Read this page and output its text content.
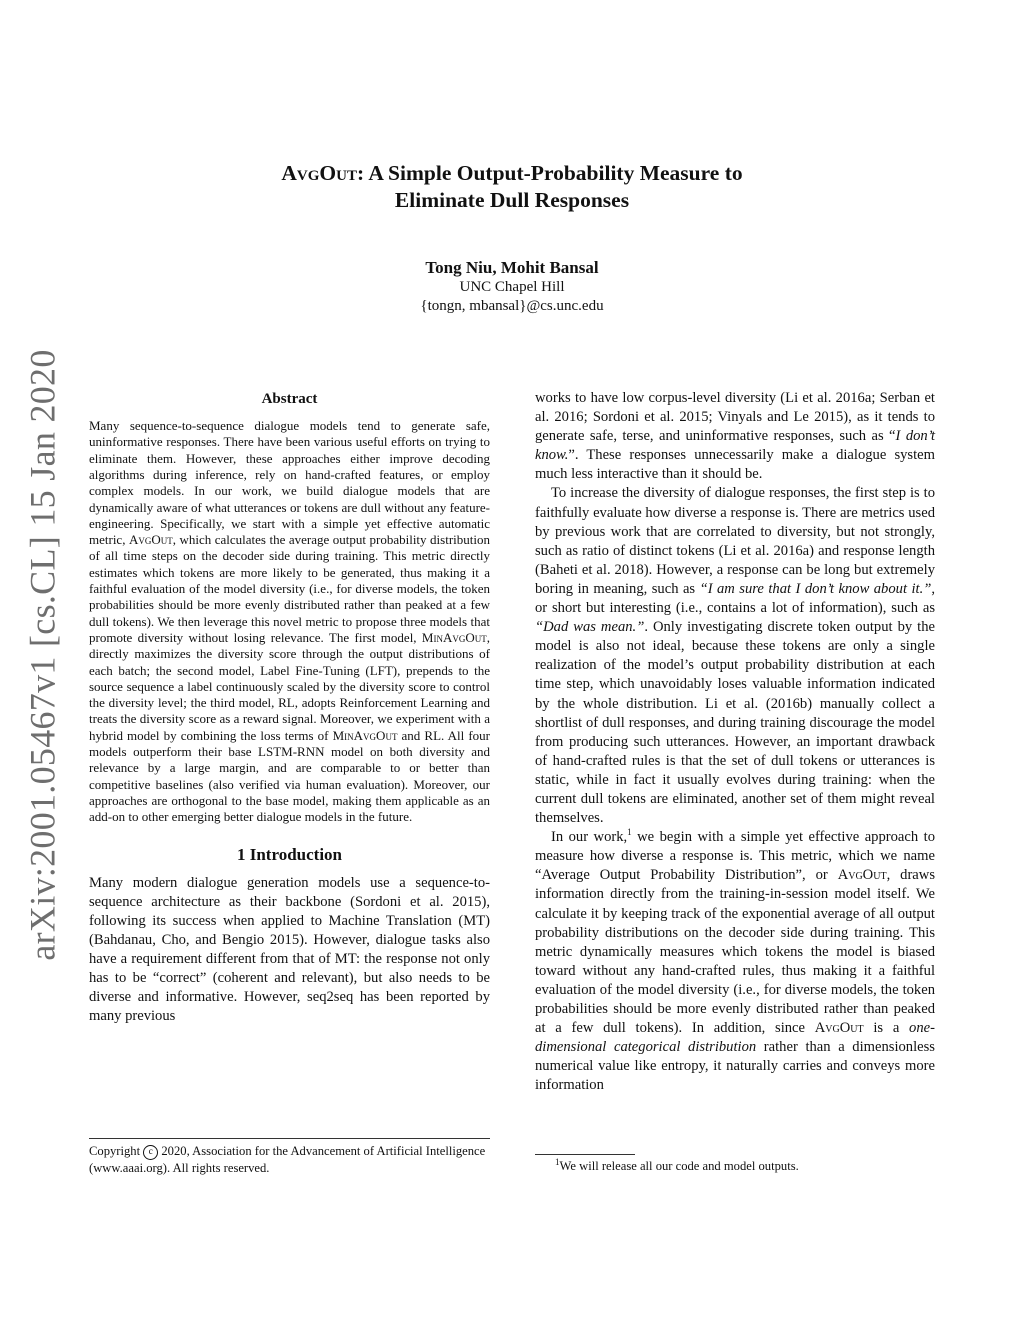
arXiv:2001.05467v1 [cs.CL] 15 Jan 2020
AvgOut: A Simple Output-Probability Measure to
Eliminate Dull Responses
Tong Niu, Mohit Bansal
UNC Chapel Hill
{tongn, mbansal}@cs.unc.edu
Abstract

Many sequence-to-sequence dialogue models tend to generate safe, uninformative responses. There have been various useful efforts on trying to eliminate them. However, these approaches either improve decoding algorithms during inference, rely on hand-crafted features, or employ complex models. In our work, we build dialogue models that are dynamically aware of what utterances or tokens are dull without any feature-engineering. Specifically, we start with a simple yet effective automatic metric, AvgOut, which calculates the average output probability distribution of all time steps on the decoder side during training. This metric directly estimates which tokens are more likely to be generated, thus making it a faithful evaluation of the model diversity (i.e., for diverse models, the token probabilities should be more evenly distributed rather than peaked at a few dull tokens). We then leverage this novel metric to propose three models that promote diversity without losing relevance. The first model, MinAvgOut, directly maximizes the diversity score through the output distributions of each batch; the second model, Label Fine-Tuning (LFT), prepends to the source sequence a label continuously scaled by the diversity score to control the diversity level; the third model, RL, adopts Reinforcement Learning and treats the diversity score as a reward signal. Moreover, we experiment with a hybrid model by combining the loss terms of MinAvgOut and RL. All four models outperform their base LSTM-RNN model on both diversity and relevance by a large margin, and are comparable to or better than competitive baselines (also verified via human evaluation). Moreover, our approaches are orthogonal to the base model, making them applicable as an add-on to other emerging better dialogue models in the future.

1 Introduction

Many modern dialogue generation models use a sequence-to-sequence architecture as their backbone (Sordoni et al. 2015), following its success when applied to Machine Translation (MT) (Bahdanau, Cho, and Bengio 2015). However, dialogue tasks also have a requirement different from that of MT: the response not only has to be “correct” (coherent and relevant), but also needs to be diverse and informative. However, seq2seq has been reported by many previous

Copyright c 2020, Association for the Advancement of Artificial Intelligence (www.aaai.org). All rights reserved.

works to have low corpus-level diversity (Li et al. 2016a; Serban et al. 2016; Sordoni et al. 2015; Vinyals and Le 2015), as it tends to generate safe, terse, and uninformative responses, such as “I don’t know.”. These responses unnecessarily make a dialogue system much less interactive than it should be.

To increase the diversity of dialogue responses, the first step is to faithfully evaluate how diverse a response is. There are metrics used by previous work that are correlated to diversity, but not strongly, such as ratio of distinct tokens (Li et al. 2016a) and response length (Baheti et al. 2018). However, a response can be long but extremely boring in meaning, such as “I am sure that I don’t know about it.”, or short but interesting (i.e., contains a lot of information), such as “Dad was mean.”. Only investigating discrete token output by the model is also not ideal, because these tokens are only a single realization of the model’s output probability distribution at each time step, which unavoidably loses valuable information indicated by the whole distribution. Li et al. (2016b) manually collect a shortlist of dull responses, and during training discourage the model from producing such utterances. However, an important drawback of hand-crafted rules is that the set of dull tokens or utterances is static, while in fact it usually evolves during training: when the current dull tokens are eliminated, another set of them might reveal themselves.

In our work,$^1$ we begin with a simple yet effective approach to measure how diverse a response is. This metric, which we name “Average Output Probability Distribution”, or AvgOut, draws information directly from the training-in-session model itself. We calculate it by keeping track of the exponential average of all output probability distributions on the decoder side during training. This metric dynamically measures which tokens the model is biased toward without any hand-crafted rules, thus making it a faithful evaluation of the model diversity (i.e., for diverse models, the token probabilities should be more evenly distributed rather than peaked at a few dull tokens). In addition, since AvgOut is a one-dimensional categorical distribution rather than a dimensionless numerical value like entropy, it naturally carries and conveys more information

$^1$We will release all our code and model outputs.
